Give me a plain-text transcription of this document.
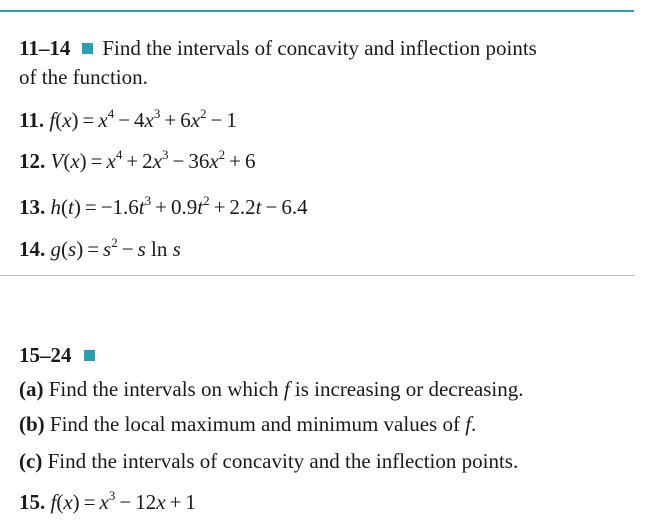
11–14 Find the intervals of concavity and inflection points
of the function.
11. $f(x) = x^4 - 4x^3 + 6x^2 - 1$
12. $V(x) = x^4 + 2x^3 - 36x^2 + 6$
13. $h(t) = -1.6t^3 + 0.9t^2 + 2.2t - 6.4$
14. $g(s) = s^2 - s$ ln s
15–24
(a) Find the intervals on which f is increasing or decreasing.
(b) Find the local maximum and minimum values of f.
(c) Find the intervals of concavity and the inflection points.
15. $f(x) = x^3 - 12x + 1$
